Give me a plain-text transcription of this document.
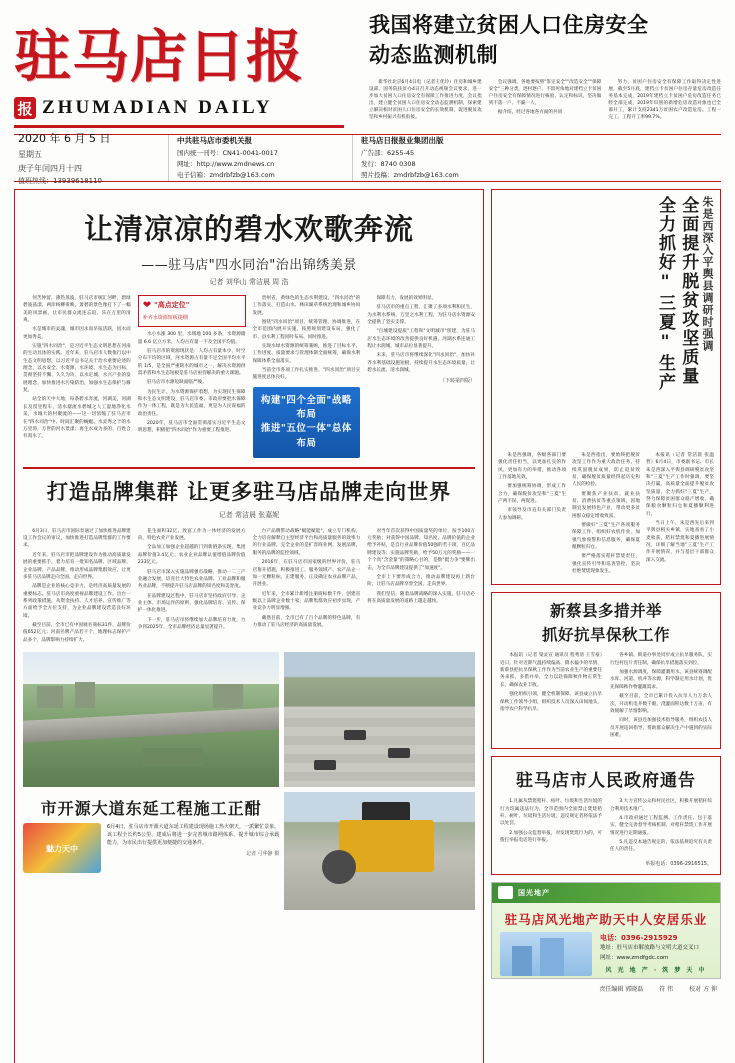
驻马店日报
报 ZHUMADIAN DAILY
我国将建立贫困人口住房安全
动态监测机制

新华社北京6月4日电（记者王优玲）住房和城乡建设部、国务院扶贫办4日召开动态视频会议要求，进一步加大贫困人口住房安全有保障工作推进力度，会议指出，建立健全贫困人口住房安全动态监测机制，探索建立解决相对贫困人口住房安全的长效机制，促进脱贫攻坚和乡村振兴有机衔接。

会议强调，各地要按照"鉴定安全""改造安全""保障安全"三种分类，逐村逐户、不留死角地对建档立卡贫困户住房安全有保障情况进行核验、认定和标识，坚决做到不落一户、不漏一人。

据介绍，经过各地各方面的共同

努力，贫困户住房安全有保障工作取得决定性进展，截至5月底，建档立卡贫困户住房存量危房改造任务基本完成，2019年建档立卡贫困户危房改造任务已经全部完成，2019年识别的新增危房改造对象也已全部开工，累计支持2341万贫困农户改造危房。工程一完工、工程开工率99.7%。

2020 年 6 月 5 日
星期五
庚子年闰四月十四
值班热线：13939618110
中共驻马店市委机关报
国内统一刊号：CN41-0041-0017
网址：http://www.zmdnews.cn
电子信箱：zmdrbfzb@163.com
驻马店日报报业集团出版
广告部：6255-45
发行：8740 0308
照片投稿：zmdrbfzb@163.com
让清凉凉的碧水欢歌奔流
——驻马店"四水同治"治出锦绣美景
记者 刘华山 常洁晨 周 浩

何苦仲留，薄热蒸波，驻马店市统汇河畔，碧绿碧波荡漾，两岸杨柳垂映，萧碧的景色像打下了一幅美的风景画，让市民群众流连忘返，乐在万里的清爽。

水是城市的灵魂，城市因水而早报活跃，因水而更加秀美。

实施"四水同治"，是习近平生态文明思想在河南的生动具体的实践。近年来，驻马店市人数推行以中生态文明思想，以习近平总书记关于治水重要论述的理念，以水安全、水资源、水环境、水生态为目标，贯彻坚持不懈、久久为功、以水定城、水兴产业的发展理念，加快推进水污染防治，加强水生态保护与修复。

站全的天中大地，每条碧水奔流，河湖美，河湖长及留里程车，清水潺流水碧城之人工湿地净化水采，水城大的村聚流的——这一切浓缩了驻马店市在"四水同治"中、时间汇聚的蜿蜒、水灵秀之于的水万里湾，万世的河水景漾；再生水成为多的、百姓合有渴水了。

❤ "高点定位"
补齐水资源短板提纲

水小水涨 300 里，水域地 100 多条，水资源储量 6.6 亿立方米，人均占有量一不及全国平均值。

驻马店市的资源现状是：人均占有量本少、时空分布不均的区域，河水资源占有量不足全国平均水平的 1/5，是全国严重缺水的城市之一，解决水资源供需矛盾和水生态短板是驻马店亟待解决的重大课题。

驻马店市水源短缺面临严峻。

为民生计，为水资源保护着想，为实现民生保障和水生态文明建设，驻马店市委、市政府要把水保障作为一体工程，既是为大民造福，更是为人民谋福的政治责任。

2020年，驻马店市全面贯彻落实习近平生态文明思想，积极把"四水同治"作为重要工程推进。

贵州省，黄绿色的生态水利建设，"四水同治"的工作落实，打造山水、林田湖草系统治理和城乡协同发展。

围绕"四水同治"项目，统筹管理、协调推进，在全市范围内展开实施，按照规划建设布局，强化了市、县水利工程同时布局、同时推进。

实现水绿水资源的统筹兼顾，推进了目标水平、工作进度、质量要求与管理体制全面统筹，确保水利保障体系全面落实。

当前全市各项工作扎实推进，"四水同治"项目实施进度总体良好。

构建"四个全面"战略布局
推进"五位一体"总体布局

保障有力，发展的效果明显。

驻马店市的重点工程，汇聚了多项水利和民生，为水利水系统、万里之水利工程，为驻马店水资源安全提供了坚实支撑。

"百城建设提质"工程和"文明城市"创建，为驻马店水生态环境的改善提供良好机遇，河湖水系连通工程让水润城，城市品位显著提升。

未来，驻马店市将继续深化"四水同治"，加快补齐水利基础设施短板，持续提升水生态环境质量，让碧水长流、清水润城。

（下转第四版）
打造品牌集群 让更多驻马店品牌走向世界
记者 常洁晨 张嘉妮

6月3日，驻马店市国际泵通过了加快推进品牌建设工作会议的审议，加快推进打造品牌集群的工作要求。

近年来，驻马店市把品牌建设作为推动高质量发展的重要抓手，着力培育一批知名品牌、区域品牌、企业品牌、产品品牌，推动形成品牌集群效应，让更多驻马店品牌走向全国、走向世界。

品牌是企业的核心竞争力，是经济高质量发展的重要标志。驻马店市高度重视品牌建设工作，出台一系列政策措施，从资金扶持、人才培养、宣传推广等方面给予全方位支持，为企业品牌建设营造良好环境。

截至目前，全市已有中国驰名商标31件、品牌价值652亿元；河南名牌产品若干个，地理标志保护产品多个，品牌影响力持续扩大。

花生面积32亿，致富工作为一体经济的发展方向，特色农业产业发展。

全品加工加强企业超越的门到新链条实现，集团品牌价值3.4亿元；农业企业品牌认值增值品牌价值233亿元。

驻马店市深入实施品牌强市战略，推动一二三产业融合发展，培育壮大特色农业品牌、工业品牌和服务业品牌，不断提升驻马店品牌的知名度和美誉度。

在品牌建设过程中，驻马店市坚持政府引导、企业主体、市场运作的原则，强化品牌培育、宣传、保护一体化推进。

下一步，驻马店市将继续加大品牌培育力度，力争到2025年，全市品牌经济总量显著提升。

台产品牌带动战略"赋能赋能"，成立专门机构，全力培育解释自主型经济平台和高质量服务的效率力的行业品牌，完全企业的是扩容商业网、发展品牌，服务的品牌的监控领域。

2016年，在驻马店市国家级的世界评价，驻马店推开措施，积极推进工、服务领域产、农产品企一加一无颗粒标，正建服务、正及确定农业品牌产品，开展业。

近年来，全市累计新增注册商标数千件，创建省级以上品牌企业数十家，品牌集群效应初步显现，产业竞争力明显增强。

戴然目前，全市已有了百个品牌的特色品牌，有力推动了驻马店经济的高质量发展。

对当年首次获得中国质量奖的单位，按予100万元奖励；对获得中国品牌、知名度、品牌价值的企业给予补贴，是自行业品牌价值50强的若干项，百亿品牌建设等；实施品牌奖励，给予50万元的奖励——一个个真"含金量"的策略心甘的，是数"挺力争"要牌出击，为全市品牌建设提供了"加速度"。

全市上下要形成合力，推动品牌建设再上新台阶，让驻马店品牌享誉全国、走向世界。

我们坚信，随着品牌战略的深入实施，驻马店必将在高质量发展的道路上越走越快。

市开源大道东延工程施工正酣
魅力天中
6月4日，驻马店市开源大道东延工程建设现场施工热火朝天，一派繁忙景象。该工程全长约5公里，建成后将进一步完善城市路网体系，提升城市综合承载能力，为市民出行提供更加便捷的交通条件。
记者 弓华静 摄
朱是西深入平舆县调研时强调
全面提升脱贫攻坚质量
全力抓好"三夏"生产

本报讯（记者 常洁晨 张温哲）6月4日，市委副书记、市长朱是西深入平舆县调研脱贫攻坚和"三夏"生产工作时强调，要坚决打赢、高质量全面提升脱贫攻坚质量，全力抓好"三夏"生产，努力保障贫困群众稳产增收，确保粮食颗粒归仓和夏播顺利进行。

当日上午，朱是西先后来到平舆县相关乡镇，实地查看了小麦收获、秸秆禁烧和夏播进展情况，详细了解当地"三夏"生产工作开展情况，并与基层干部群众深入交流。

朱是西指出，要始终把脱贫攻坚工作作为重大政治任务，持续巩固脱贫成果，防止返贫致贫，确保脱贫质量经得起历史和人民的检验。

要聚焦产业扶贫、就业扶贫、消费扶贫等重点领域，因地制宜发展特色产业，带动更多贫困群众稳定增收致富。

要做好"三夏"生产各项服务保障工作，组织好农机作业，加强气象预警和信息服务，确保夏粮颗粒归仓。

要严格落实秸秆禁烧责任，强化宣传引导和巡查管控，坚决杜绝焚烧现象发生。

朱是西强调，各级各部门要强化责任担当，以更加扎实的作风、更加有力的举措，推动各项工作落地见效。

要加强统筹协调，形成工作合力，确保脱贫攻坚和"三夏"生产两不误、两促进。

市领导及市直有关部门负责人参加调研。

新蔡县多措并举
抓好抗旱保秋工作

本报讯（记者 梁灵宣 通讯员 程秀清 王雪豪）近日，针对近期气温持续偏高、降水偏少的旱情，新蔡县把抗旱保秋工作作为当前农业生产的重要任务来抓，多措并举，全力以赴保障秋作物正常生长，确保农业丰收。

强化组织引领，健全机制保障。该县成立抗旱保秋工作领导小组，组织技术人员深入田间地头，指导农户科学抗旱。

各乡镇、街道办事处同步成立抗旱服务队，实行包村包片责任制，确保抗旱措施落实到位。

加强水源调度，保障灌溉用水。该县统筹调配水库、河道、机井等水源，科学制定用水计划，优先保障秋作物灌溉需求。

截至目前，全市已累计投入抗旱人力万余人次，开动机电井数千眼，浇灌面积达数十万亩，有效缓解了旱情影响。

同时，该县还加强技术指导服务，组织农技人员开展巡回指导，帮助群众解决生产中遇到的实际困难。

驻马店市人民政府通告

1.凡属从禁烧秸秆、枯叶、垃圾和生活垃圾的行为均属违法行为，全市范围内全面禁止焚烧秸秆、树叶、垃圾和生活垃圾，违反规定者将依法予以处罚。

2.加强公众监督举报，对发现焚烧行为的，可拨打举报电话进行举报。

3.大力宣传公众和村民社区，积极开展秸秆综合利用技术推广。

4.市政府通过工程监测、工作责任、包干落实，健全完善督导考核机制，对秸秆禁烧工作开展情况进行定期通报。

5.凡违反本通告规定的，依法依规追究有关责任人的责任。

举报电话：0396-2916515。
国光地产
驻马店风光地产助天中人安居乐业
电话：0396-2915929
地址：驻马店市解放路与文明大道交叉口
网址：www.zmdfgdc.com
风 光 地 产 · 筑 梦 天 中
责任编辑 郭晓磊	符 伟	校对 方 伸
